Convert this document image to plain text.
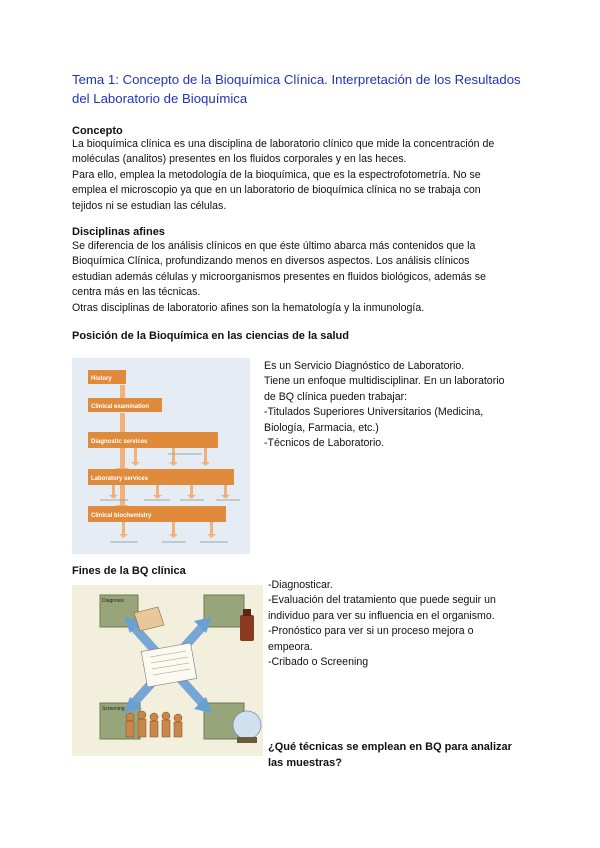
Tema 1: Concepto de la Bioquímica Clínica. Interpretación de los Resultados
del Laboratorio de Bioquímica
Concepto
La bioquímica clínica es una disciplina de laboratorio clínico que mide la concentración de
moléculas (analitos) presentes en los fluidos corporales y en las heces.
Para ello, emplea la metodología de la bioquímica, que es la espectrofotometría. No se
emplea el microscopio ya que en un laboratorio de bioquímica clínica no se trabaja con
tejidos ni se estudian las células.
Disciplinas afines
Se diferencia de los análisis clínicos en que éste último abarca más contenidos que la
Bioquímica Clínica, profundizando menos en diversos aspectos. Los análisis clínicos
estudian además células y microorganismos presentes en fluidos biológicos, además se
centra más en las técnicas.
Otras disciplinas de laboratorio afines son la hematología y la inmunología.
Posición de la Bioquímica en las ciencias de la salud
History
Clinical examination
Diagnostic services
Laboratory services
Clinical biochemistry
Es un Servicio Diagnóstico de Laboratorio.
Tiene un enfoque multidisciplinar. En un laboratorio
de BQ clínica pueden trabajar:
-Titulados Superiores Universitarios (Medicina,
Biología, Farmacia, etc.)
-Técnicos de Laboratorio.
Fines de la BQ clínica
Diagnosis
Screening
-Diagnosticar.
-Evaluación del tratamiento que puede seguir un
individuo para ver su influencia en el organismo.
-Pronóstico para ver si un proceso mejora o
empeora.
-Cribado o Screening
¿Qué técnicas se emplean en BQ para analizar
las muestras?
